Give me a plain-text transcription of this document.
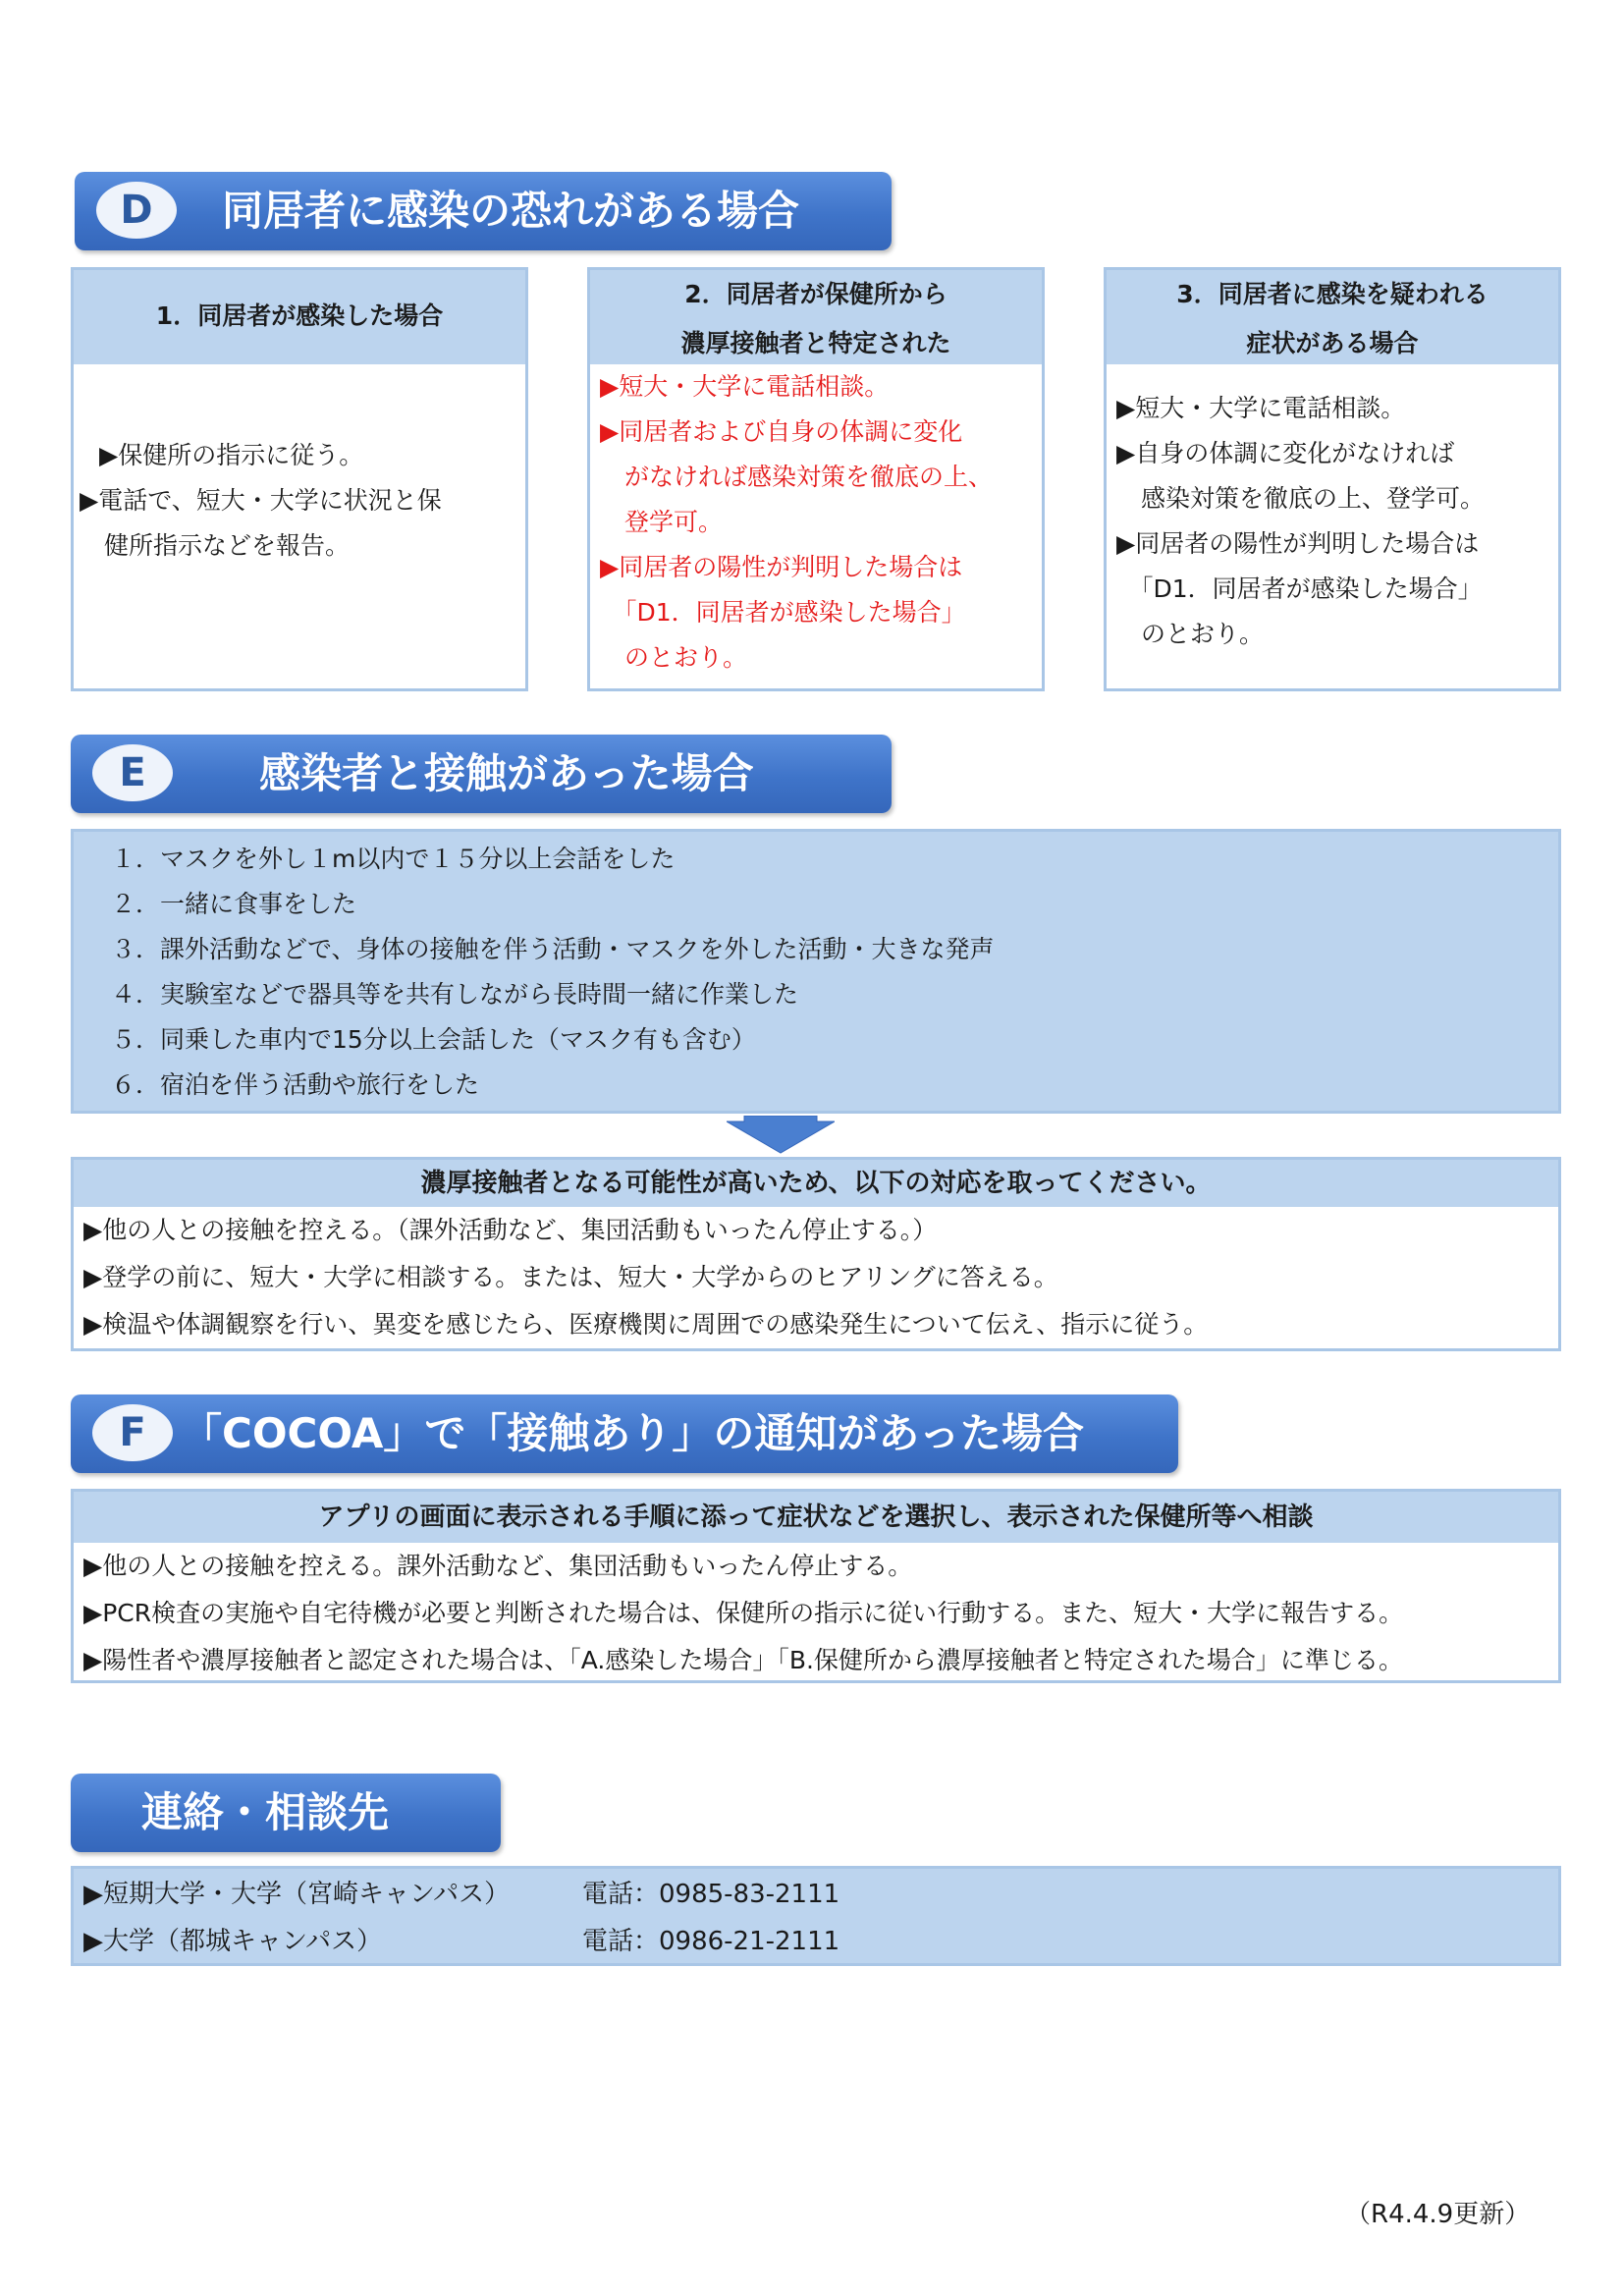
D	同居者に感染の恐れがある場合
1．同居者が感染した場合
▶保健所の指示に従う。
▶電話で、短大・大学に状況と保
　健所指示などを報告。
2．同居者が保健所から
濃厚接触者と特定された
▶短大・大学に電話相談。
▶同居者および自身の体調に変化
　がなければ感染対策を徹底の上、
　登学可。
▶同居者の陽性が判明した場合は
　「D1．同居者が感染した場合」
　のとおり。
3．同居者に感染を疑われる
症状がある場合
▶短大・大学に電話相談。
▶自身の体調に変化がなければ
　感染対策を徹底の上、登学可。
▶同居者の陽性が判明した場合は
　「D1．同居者が感染した場合」
　のとおり。
E	感染者と接触があった場合
１．マスクを外し１m以内で１５分以上会話をした
２．一緒に食事をした
３．課外活動などで、身体の接触を伴う活動・マスクを外した活動・大きな発声
４．実験室などで器具等を共有しながら長時間一緒に作業した
５．同乗した車内で15分以上会話した（マスク有も含む）
６．宿泊を伴う活動や旅行をした
濃厚接触者となる可能性が高いため、以下の対応を取ってください。
▶他の人との接触を控える。（課外活動など、集団活動もいったん停止する。）
▶登学の前に、短大・大学に相談する。または、短大・大学からのヒアリングに答える。
▶検温や体調観察を行い、異変を感じたら、医療機関に周囲での感染発生について伝え、指示に従う。
F 「COCOA」で「接触あり」の通知があった場合
アプリの画面に表示される手順に添って症状などを選択し、表示された保健所等へ相談
▶他の人との接触を控える。課外活動など、集団活動もいったん停止する。
▶PCR検査の実施や自宅待機が必要と判断された場合は、保健所の指示に従い行動する。また、短大・大学に報告する。
▶陽性者や濃厚接触者と認定された場合は、「A.感染した場合」「B.保健所から濃厚接触者と特定された場合」に準じる。
連絡・相談先
▶短期大学・大学（宮崎キャンパス）	電話：0985-83-2111
▶大学（都城キャンパス）	電話：0986-21-2111
（R4.4.9更新）
